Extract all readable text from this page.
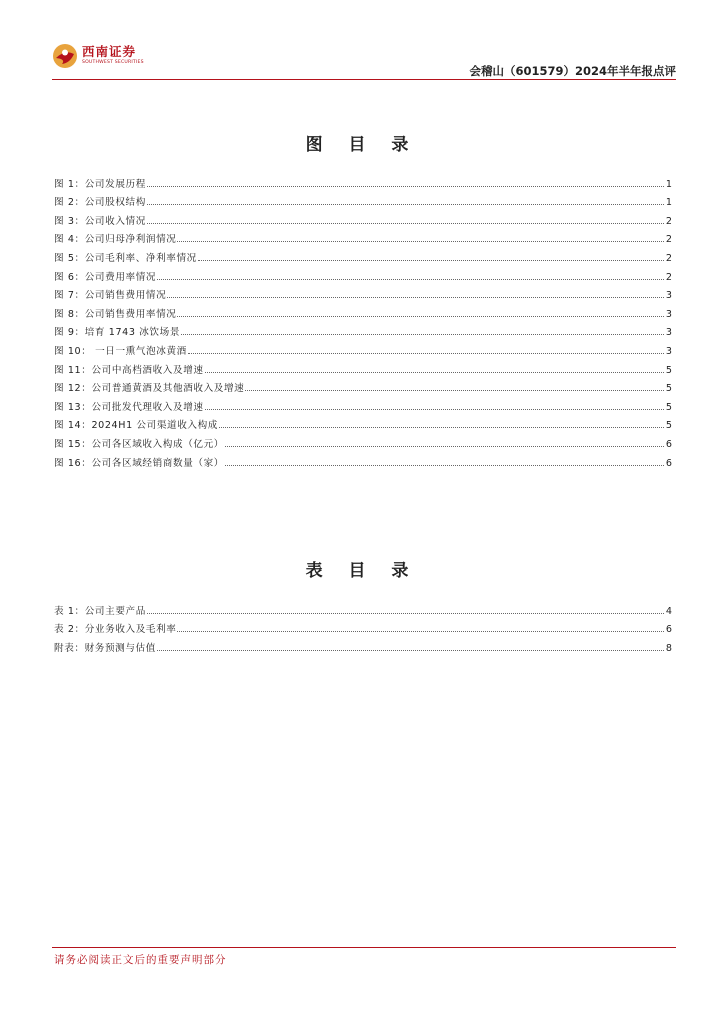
西南证券
SOUTHWEST SECURITIES
会稽山（601579）2024年半年报点评
图 目 录
图 1：公司发展历程	1
图 2：公司股权结构	1
图 3：公司收入情况	2
图 4：公司归母净利润情况	2
图 5：公司毛利率、净利率情况	2
图 6：公司费用率情况	2
图 7：公司销售费用情况	3
图 8：公司销售费用率情况	3
图 9：培育 1743 冰饮场景	3
图 10： 一日一熏气泡冰黄酒	3
图 11：公司中高档酒收入及增速	5
图 12：公司普通黄酒及其他酒收入及增速	5
图 13：公司批发代理收入及增速	5
图 14：2024H1 公司渠道收入构成	5
图 15：公司各区域收入构成（亿元）	6
图 16：公司各区域经销商数量（家）	6
表 目 录
表 1：公司主要产品	4
表 2：分业务收入及毛利率	6
附表：财务预测与估值	8
请务必阅读正文后的重要声明部分
